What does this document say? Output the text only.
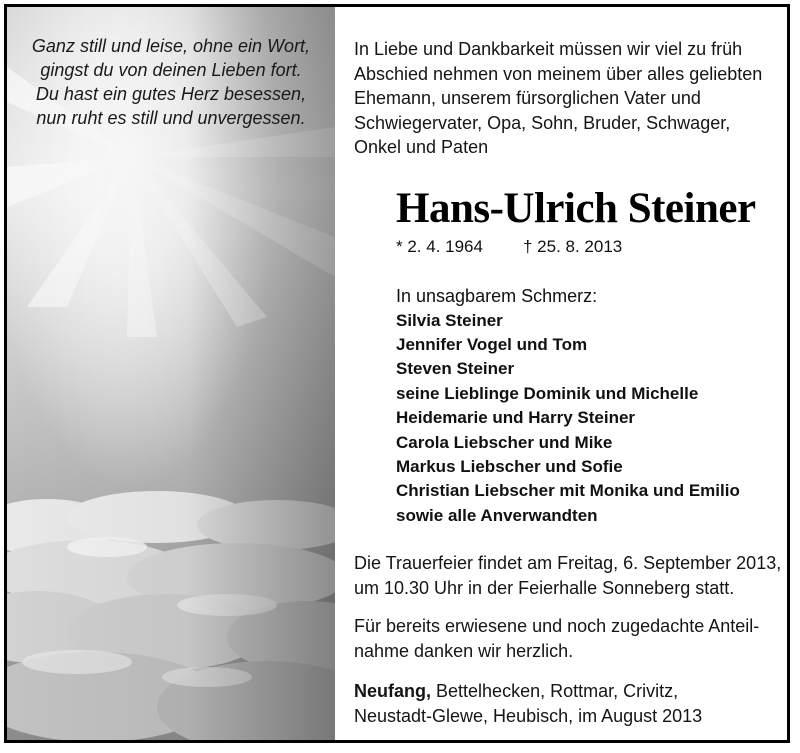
Ganz still und leise, ohne ein Wort,
gingst du von deinen Lieben fort.
Du hast ein gutes Herz besessen,
nun ruht es still und unvergessen.
In Liebe und Dankbarkeit müssen wir viel zu früh
Abschied nehmen von meinem über alles geliebten
Ehemann, unserem fürsorglichen Vater und
Schwiegervater, Opa, Sohn, Bruder, Schwager,
Onkel und Paten
Hans-Ulrich Steiner
* 2. 4. 1964 † 25. 8. 2013
In unsagbarem Schmerz:
Silvia Steiner
Jennifer Vogel und Tom
Steven Steiner
seine Lieblinge Dominik und Michelle
Heidemarie und Harry Steiner
Carola Liebscher und Mike
Markus Liebscher und Sofie
Christian Liebscher mit Monika und Emilio
sowie alle Anverwandten
Die Trauerfeier findet am Freitag, 6. September 2013,
um 10.30 Uhr in der Feierhalle Sonneberg statt.
Für bereits erwiesene und noch zugedachte Anteil-
nahme danken wir herzlich.
Neufang, Bettelhecken, Rottmar, Crivitz,
Neustadt-Glewe, Heubisch, im August 2013
